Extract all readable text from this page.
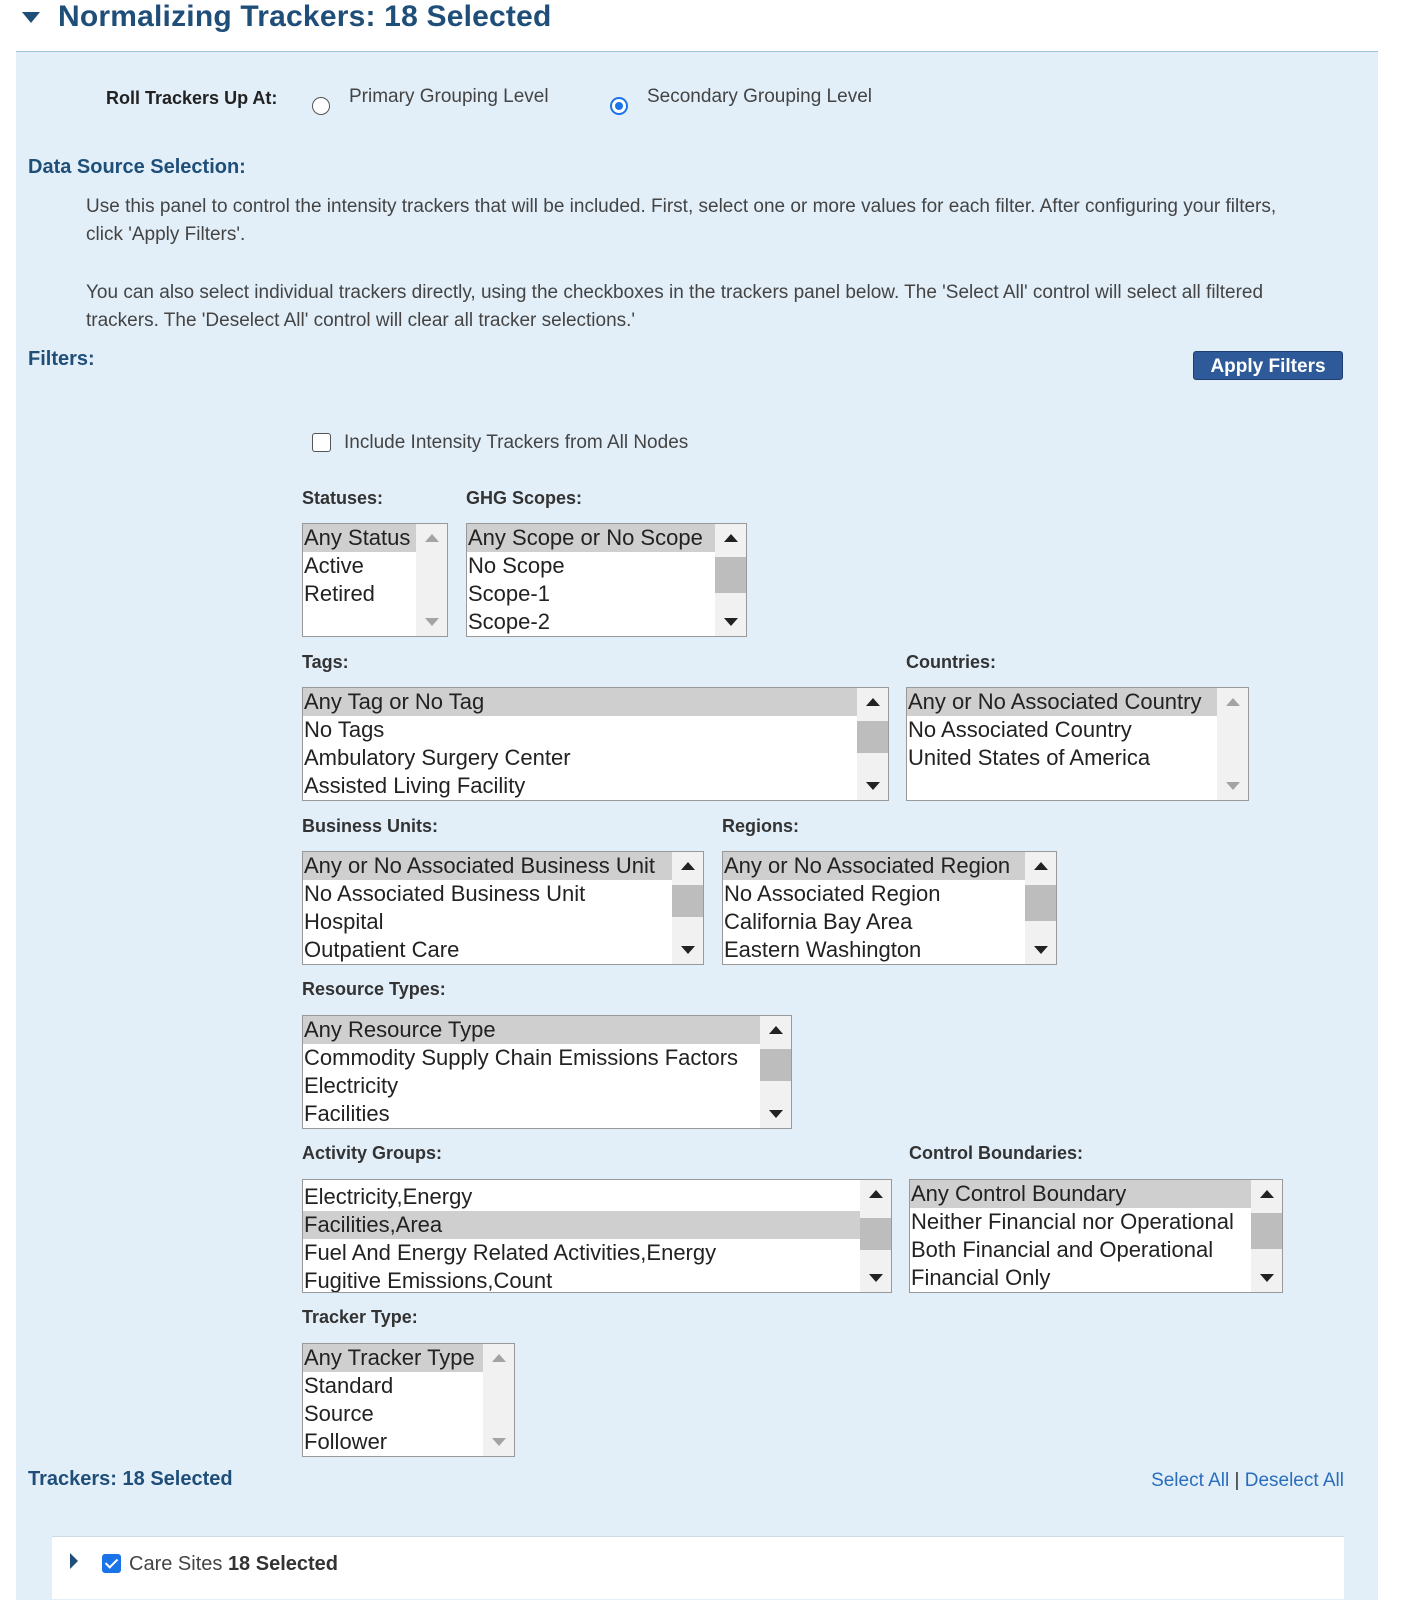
Normalizing Trackers: 18 Selected
Roll Trackers Up At:	Primary Grouping Level	Secondary Grouping Level
Data Source Selection:
Use this panel to control the intensity trackers that will be included. First, select one or more values for each filter. After configuring your filters, click 'Apply Filters'.
You can also select individual trackers directly, using the checkboxes in the trackers panel below. The 'Select All' control will select all filtered trackers. The 'Deselect All' control will clear all tracker selections.'
Filters:	Apply Filters
Include Intensity Trackers from All Nodes
Statuses:
Any Status
Active
Retired
GHG Scopes:
Any Scope or No Scope
No Scope
Scope-1
Scope-2
Tags:
Any Tag or No Tag
No Tags
Ambulatory Surgery Center
Assisted Living Facility
Countries:
Any or No Associated Country
No Associated Country
United States of America
Business Units:
Any or No Associated Business Unit
No Associated Business Unit
Hospital
Outpatient Care
Regions:
Any or No Associated Region
No Associated Region
California Bay Area
Eastern Washington
Resource Types:
Any Resource Type
Commodity Supply Chain Emissions Factors
Electricity
Facilities
Activity Groups:
Electricity,Energy
Facilities,Area
Fuel And Energy Related Activities,Energy
Fugitive Emissions,Count
Control Boundaries:
Any Control Boundary
Neither Financial nor Operational
Both Financial and Operational
Financial Only
Tracker Type:
Any Tracker Type
Standard
Source
Follower
Trackers: 18 Selected	Select All | Deselect All
Care Sites 18 Selected
